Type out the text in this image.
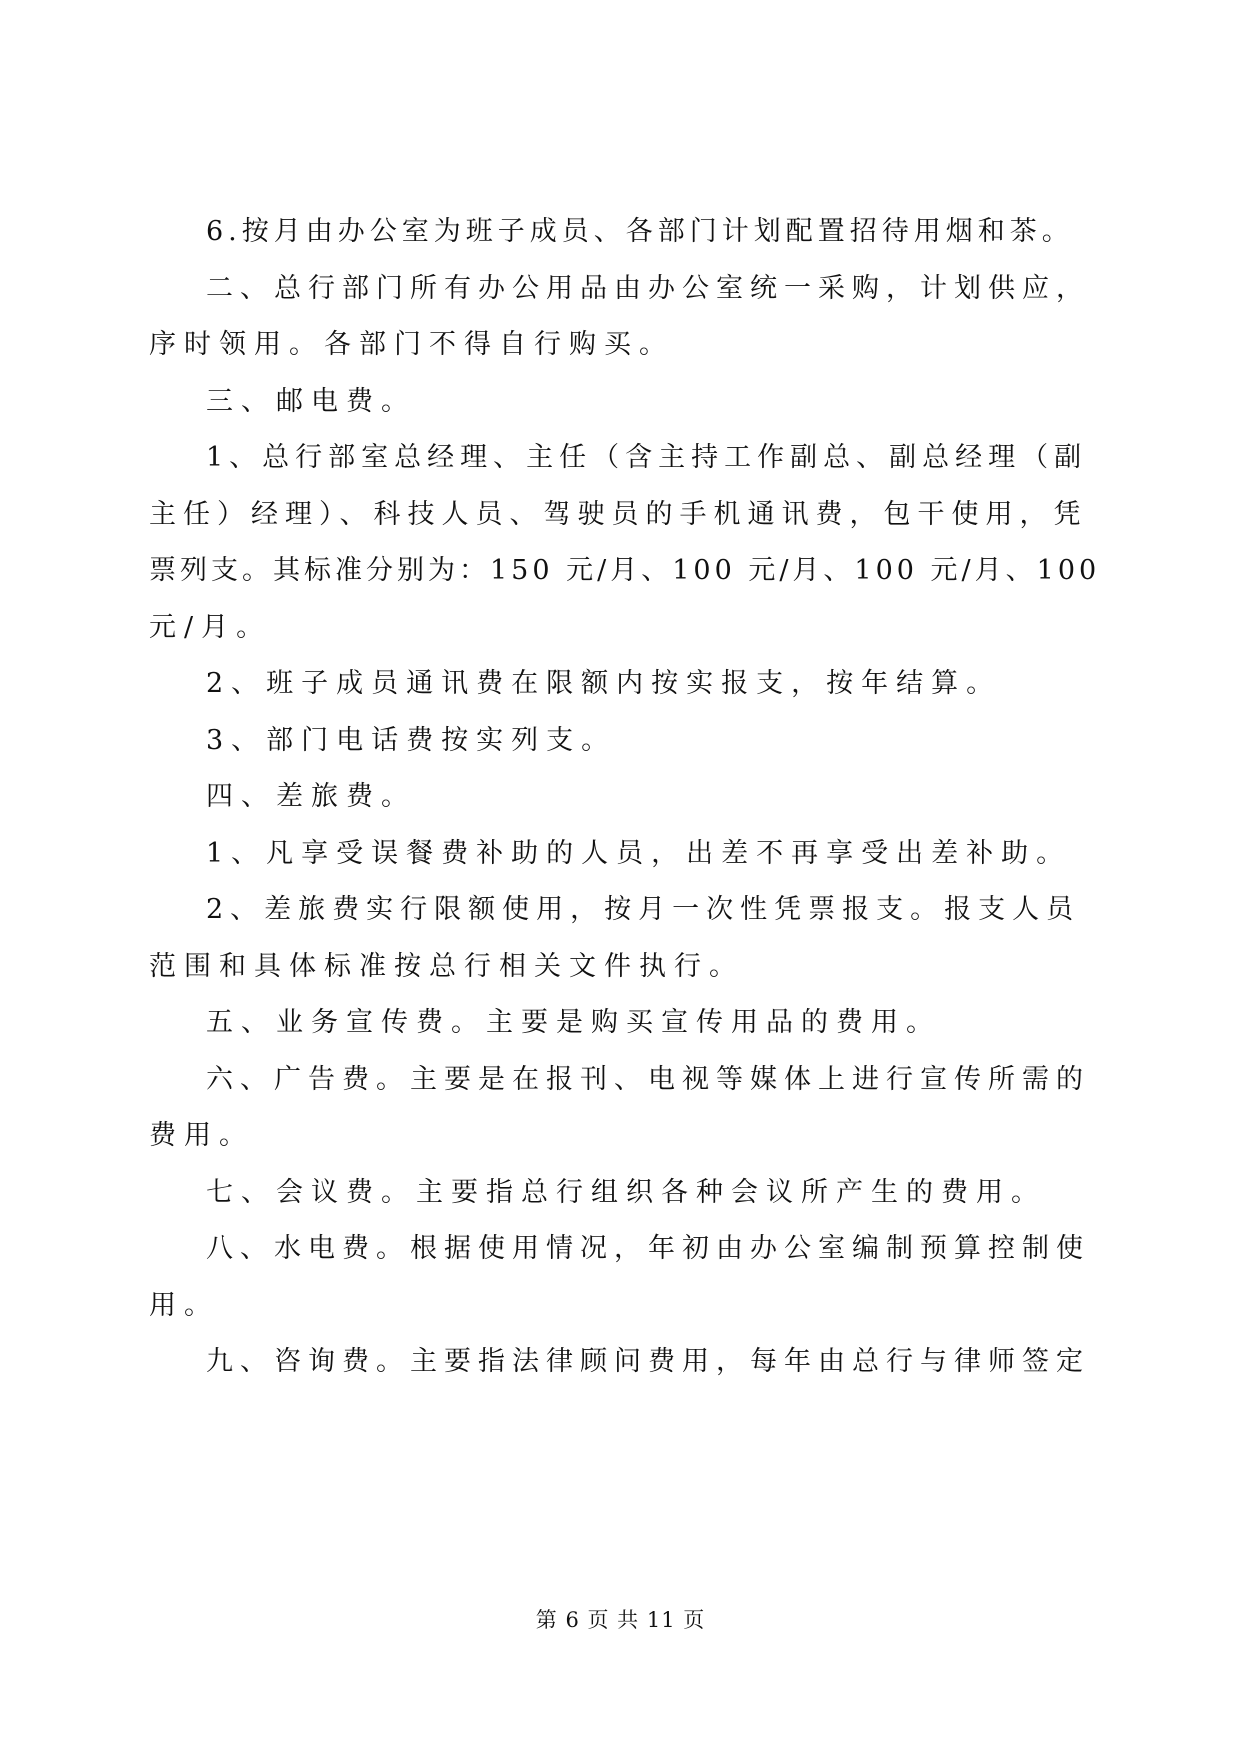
6.按月由办公室为班子成员、各部门计划配置招待用烟和茶。

二、总行部门所有办公用品由办公室统一采购，计划供应，

序时领用。各部门不得自行购买。

三、邮电费。

1、总行部室总经理、主任（含主持工作副总、副总经理（副

主任）经理）、科技人员、驾驶员的手机通讯费，包干使用，凭

票列支。其标准分别为：150 元/月、100 元/月、100 元/月、100

元/月。

2、班子成员通讯费在限额内按实报支，按年结算。

3、部门电话费按实列支。

四、差旅费。

1、凡享受误餐费补助的人员，出差不再享受出差补助。

2、差旅费实行限额使用，按月一次性凭票报支。报支人员

范围和具体标准按总行相关文件执行。

五、业务宣传费。主要是购买宣传用品的费用。

六、广告费。主要是在报刊、电视等媒体上进行宣传所需的

费用。

七、会议费。主要指总行组织各种会议所产生的费用。

八、水电费。根据使用情况，年初由办公室编制预算控制使

用。

九、咨询费。主要指法律顾问费用，每年由总行与律师签定

第 6 页 共 11 页
